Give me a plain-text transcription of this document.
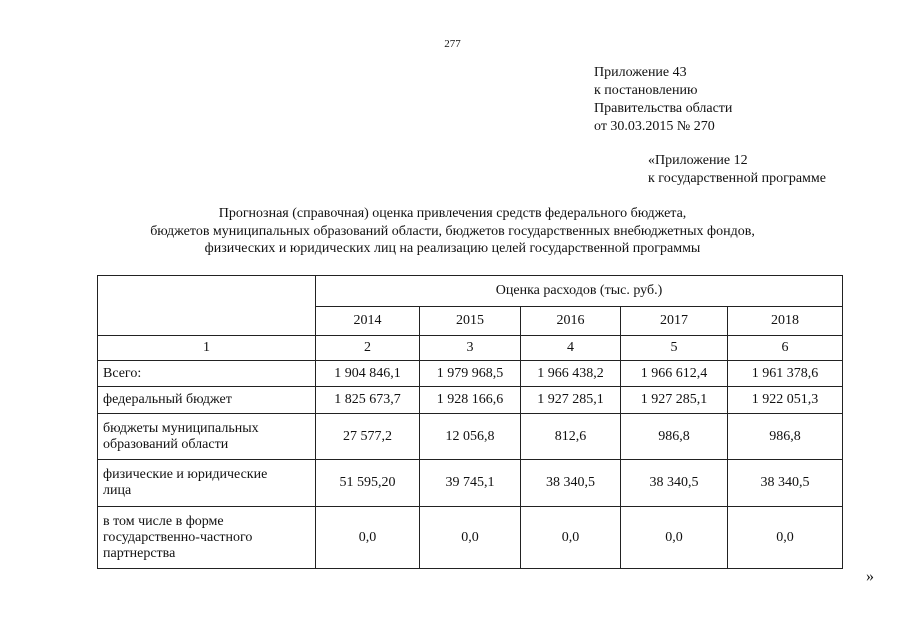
277
Приложение 43
к постановлению
Правительства области
от 30.03.2015 № 270
«Приложение 12
к государственной программе
Прогнозная (справочная) оценка привлечения средств федерального бюджета,
бюджетов муниципальных образований области, бюджетов государственных внебюджетных фондов,
физических и юридических лиц на реализацию целей государственной программы
	Оценка расходов (тыс. руб.)				
	2014	2015	2016	2017	2018
1	2	3	4	5	6

Всего:	1 904 846,1	1 979 968,5	1 966 438,2	1 966 612,4	1 961 378,6

федеральный бюджет	1 825 673,7	1 928 166,6	1 927 285,1	1 927 285,1	1 922 051,3

бюджеты муниципальных
образований области	27 577,2	12 056,8	812,6	986,8	986,8

физические и юридические
лица	51 595,20	39 745,1	38 340,5	38 340,5	38 340,5

в том числе в форме
государственно-частного
партнерства	0,0	0,0	0,0	0,0	0,0
»
